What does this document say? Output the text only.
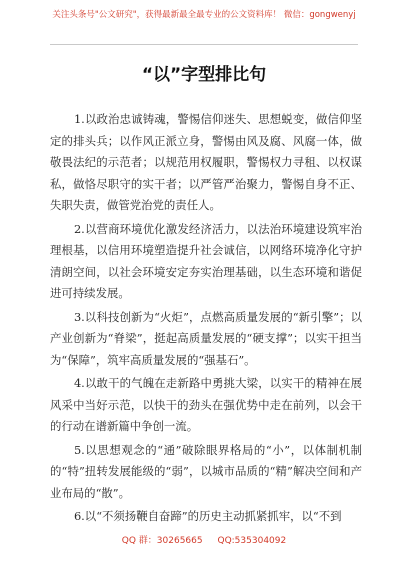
关注头条号"公文研究"，获得最新最全最专业的公文资料库！ 微信：gongwenyj
“以”字型排比句

1.以政治忠诚铸魂，警惕信仰迷失、思想蜕变，做信仰坚定的排头兵；以作风正派立身，警惕由风及腐、风腐一体，做敬畏法纪的示范者；以规范用权履职，警惕权力寻租、以权谋私，做恪尽职守的实干者；以严管严治聚力，警惕自身不正、失职失责，做管党治党的责任人。

2.以营商环境优化激发经济活力，以法治环境建设筑牢治理根基，以信用环境塑造提升社会诚信，以网络环境净化守护清朗空间，以社会环境安定夯实治理基础，以生态环境和谐促进可持续发展。

3.以科技创新为“火炬”，点燃高质量发展的“新引擎”；以产业创新为“脊梁”，挺起高质量发展的“硬支撑”；以实干担当为“保障”，筑牢高质量发展的“强基石”。

4.以敢干的气魄在走新路中勇挑大梁，以实干的精神在展风采中当好示范，以快干的劲头在强优势中走在前列，以会干的行动在谱新篇中争创一流。

5.以思想观念的“通”破除眼界格局的“小”，以体制机制的“特”扭转发展能级的“弱”，以城市品质的“精”解决空间和产业布局的“散”。

6.以“不须扬鞭自奋蹄”的历史主动抓紧抓牢，以“不到

QQ 群：30265665 QQ:535304092
